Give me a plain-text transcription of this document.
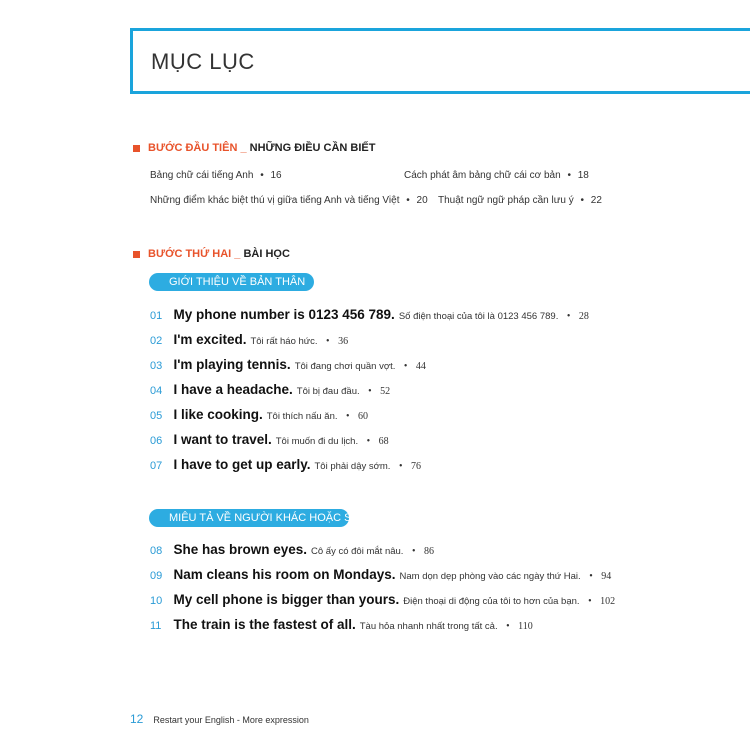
MỤC LỤC
BƯỚC ĐẦU TIÊN _ NHỮNG ĐIỀU CẦN BIẾT
Bảng chữ cái tiếng Anh • 16	Cách phát âm bảng chữ cái cơ bản • 18
Những điểm khác biệt thú vị giữa tiếng Anh và tiếng Việt • 20 Thuật ngữ ngữ pháp cần lưu ý • 22
BƯỚC THỨ HAI _ BÀI HỌC
GIỚI THIỆU VỀ BẢN THÂN
01 My phone number is 0123 456 789. Số điện thoại của tôi là 0123 456 789. • 28
02 I'm excited. Tôi rất háo hức. • 36
03 I'm playing tennis. Tôi đang chơi quần vợt. • 44
04 I have a headache. Tôi bị đau đầu. • 52
05 I like cooking. Tôi thích nấu ăn. • 60
06 I want to travel. Tôi muốn đi du lịch. • 68
07 I have to get up early. Tôi phải dậy sớm. • 76
MIÊU TẢ VỀ NGƯỜI KHÁC HOẶC SỰ VẬT
08 She has brown eyes. Cô ấy có đôi mắt nâu. • 86
09 Nam cleans his room on Mondays. Nam dọn dẹp phòng vào các ngày thứ Hai. • 94
10 My cell phone is bigger than yours. Điện thoại di động của tôi to hơn của bạn. • 102
11 The train is the fastest of all. Tàu hỏa nhanh nhất trong tất cả. • 110
12 Restart your English - More expression
